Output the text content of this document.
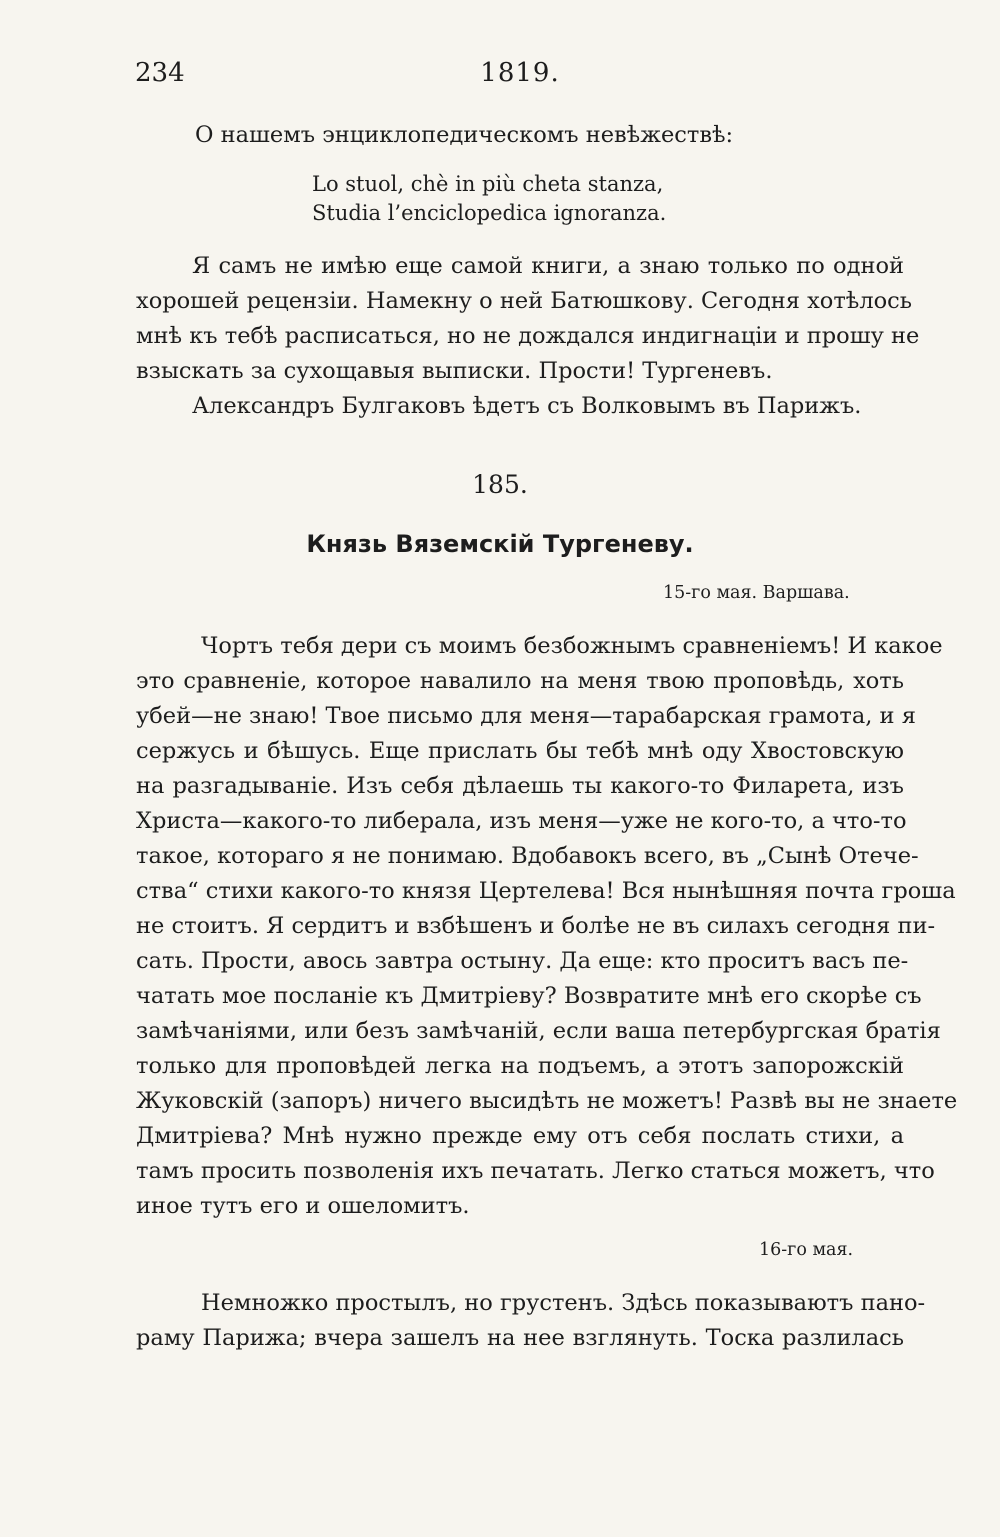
234	1819.
О нашемъ энциклопедическомъ невѣжествѣ:
Lo stuol, chè in più cheta stanza,
Studia l’enciclopedica ignoranza.
Я самъ не имѣю еще самой книги, а знаю только по одной
хорошей рецензіи. Намекну о ней Батюшкову. Сегодня хотѣлось
мнѣ къ тебѣ расписаться, но не дождался индигнаціи и прошу не
взыскать за сухощавыя выписки. Прости! Тургеневъ.
Александръ Булгаковъ ѣдетъ съ Волковымъ въ Парижъ.
185.
Князь Вяземскій Тургеневу.
15-го мая. Варшава.
Чортъ тебя дери съ моимъ безбожнымъ сравненіемъ! И какое
это сравненіе, которое навалило на меня твою проповѣдь, хоть
убей—не знаю! Твое письмо для меня—тарабарская грамота, и я
сержусь и бѣшусь. Еще прислать бы тебѣ мнѣ оду Хвостовскую
на разгадываніе. Изъ себя дѣлаешь ты какого-то Филарета, изъ
Христа—какого-то либерала, изъ меня—уже не кого-то, а что-то
такое, котораго я не понимаю. Вдобавокъ всего, въ „Сынѣ Отече-
ства“ стихи какого-то князя Цертелева! Вся нынѣшняя почта гроша
не стоитъ. Я сердитъ и взбѣшенъ и болѣе не въ силахъ сегодня пи-
сать. Прости, авось завтра остыну. Да еще: кто проситъ васъ пе-
чатать мое посланіе къ Дмитріеву? Возвратите мнѣ его скорѣе съ
замѣчаніями, или безъ замѣчаній, если ваша петербургская братія
только для проповѣдей легка на подъемъ, а этотъ запорожскій
Жуковскій (запоръ) ничего высидѣть не можетъ! Развѣ вы не знаете
Дмитріева? Мнѣ нужно прежде ему отъ себя послать стихи, а
тамъ просить позволенія ихъ печатать. Легко статься можетъ, что
иное тутъ его и ошеломитъ.
16-го мая.
Немножко простылъ, но грустенъ. Здѣсь показываютъ пано-
раму Парижа; вчера зашелъ на нее взглянуть. Тоска разлилась
